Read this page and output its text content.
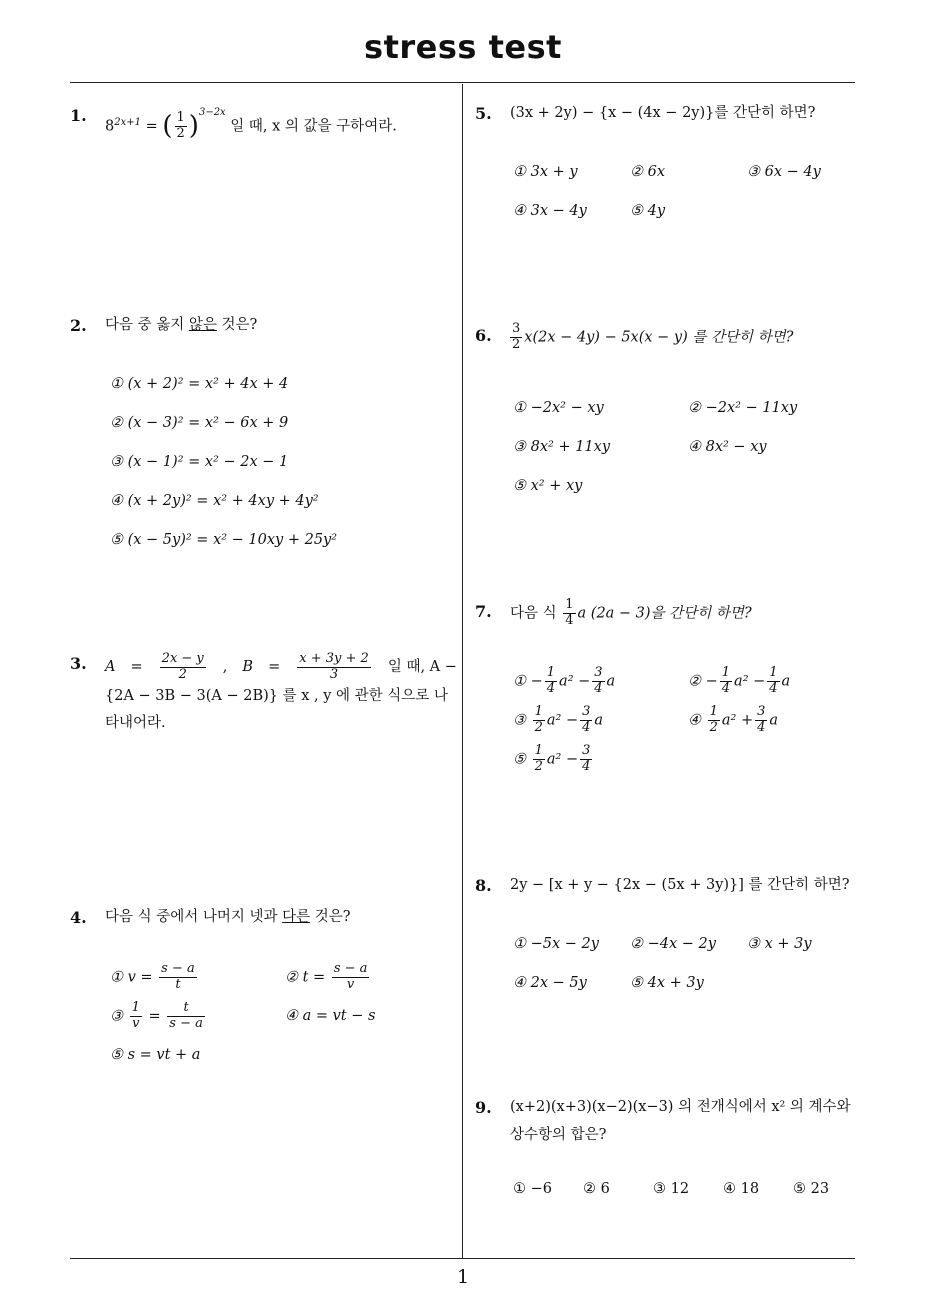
stress test
1
1.
$8^{2x+1}$ = ( $\frac{1}{2} )^{3-2x}$ 일 때, x 의 값을 구하여라.
2. 다음 중 옳지 않은 것은?
① (x + 2)² = x² + 4x + 4
② (x − 3)² = x² − 6x + 9
③ (x − 1)² = x² − 2x − 1
④ (x + 2y)² = x² + 4xy + 4y²
⑤ (x − 5y)² = x² − 10xy + 25y²
3. $A = \frac{2x - y}{2}$ , $B = \frac{x + 3y + 2}{3}$ 일 때, A −
{2A − 3B − 3(A − 2B)} 를 x , y 에 관한 식으로 나
타내어라.
4. 다음 식 중에서 나머지 넷과 다른 것은?
① $v = \frac{s - a}{t}$	② $t = \frac{s - a}{v}$
③ $\frac{1}{v} = \frac{t}{s - a}$	④ a = vt − s
⑤ s = vt + a
5. (3x + 2y) − {x − (4x − 2y)}를 간단히 하면?
① 3x + y	② 6x	③ 6x − 4y
④ 3x − 4y	⑤ 4y
6. $\frac{3}{2} x(2x - 4y) - 5x(x - y)$ 를 간단히 하면?
① −2x² − xy	② −2x² − 11xy
③ 8x² + 11xy	④ 8x² − xy
⑤ x² + xy
7. 다음 식 $\frac{1}{4}$ a (2a − 3)을 간단히 하면?
① − $\frac{1}{4} a^2 - \frac{3}{4}$ a	② − $\frac{1}{4} a^2 - \frac{1}{4}$ a
③ $\frac{1}{2} a^2 - \frac{3}{4}$ a	④ $\frac{1}{2} a^2 + \frac{3}{4}$ a
⑤ $\frac{1}{2} a^2 - \frac{3}{4}$
8. 2y − [x + y − {2x − (5x + 3y)}] 를 간단히 하면?
① −5x − 2y ② −4x − 2y ③ x + 3y
④ 2x − 5y	⑤ 4x + 3y
9. (x+2)(x+3)(x−2)(x−3) 의 전개식에서 x² 의 계수와
상수항의 합은?
① −6 ② 6	③ 12 ④ 18 ⑤ 23
